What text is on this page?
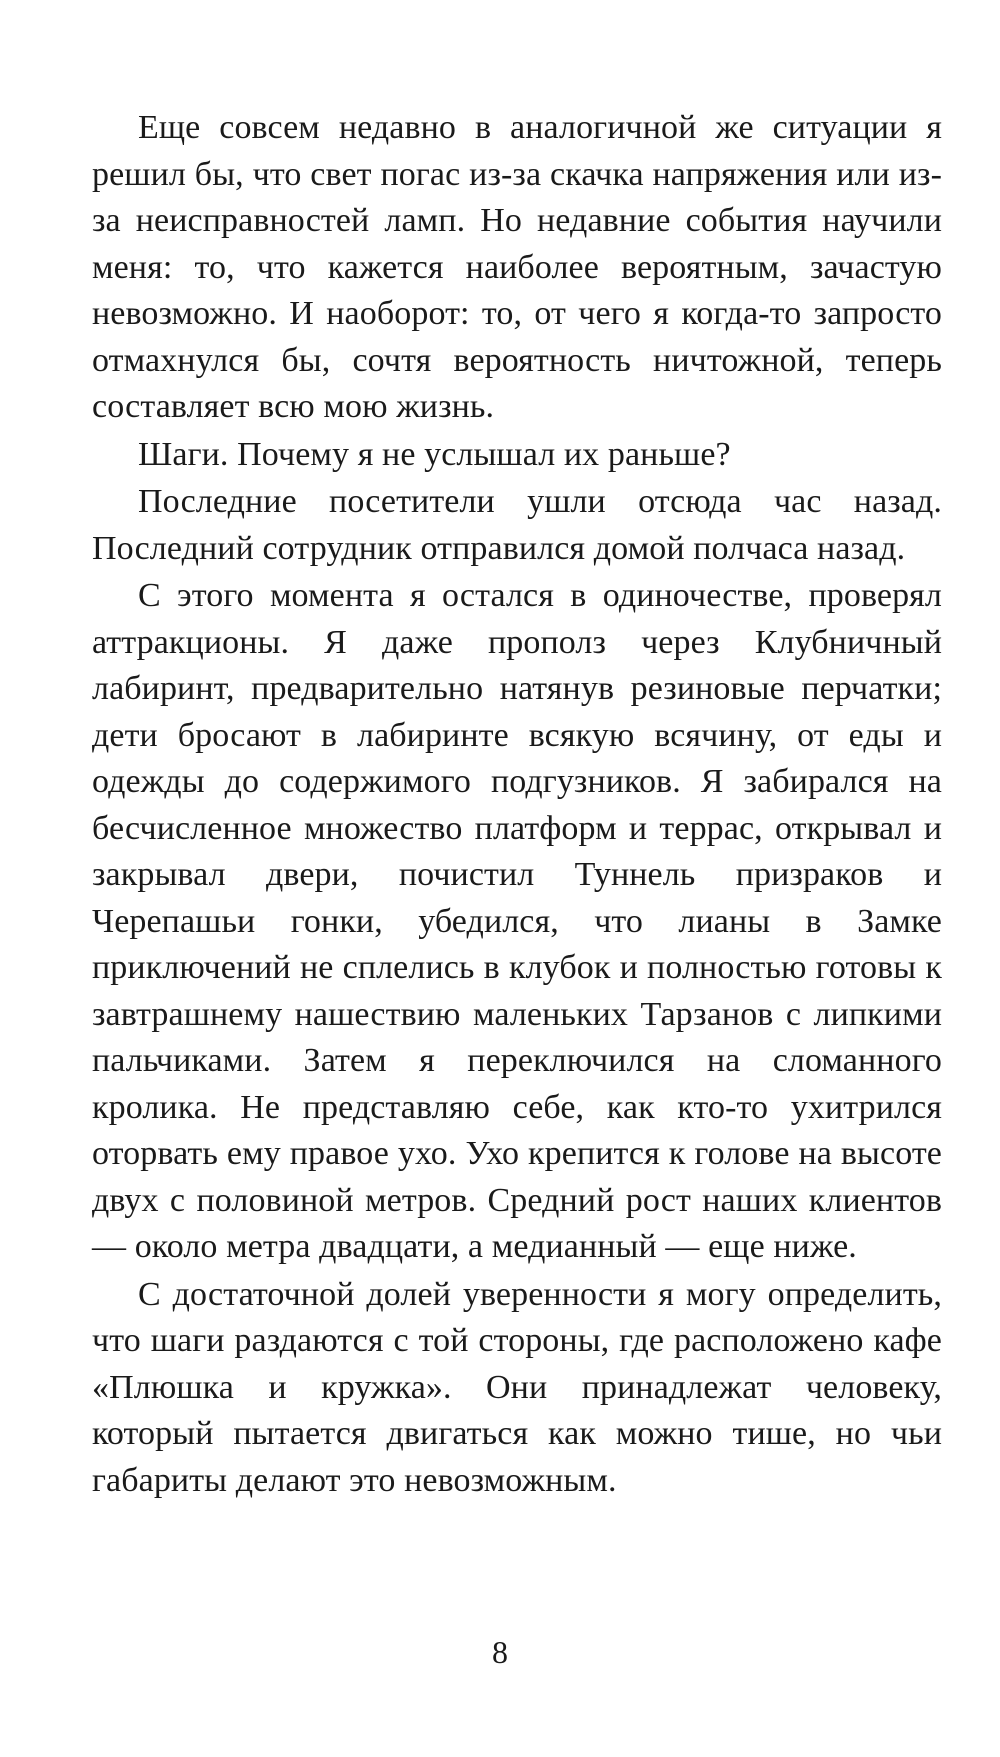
Еще совсем недавно в аналогичной же ситуации я решил бы, что свет погас из-за скачка напряжения или из-за неисправностей ламп. Но недавние события научили меня: то, что кажется наиболее вероятным, зачастую невозможно. И наоборот: то, от чего я когда-то запросто отмахнулся бы, сочтя вероятность ничтожной, теперь составляет всю мою жизнь.

Шаги. Почему я не услышал их раньше?

Последние посетители ушли отсюда час назад. Последний сотрудник отправился домой полчаса назад.

С этого момента я остался в одиночестве, проверял аттракционы. Я даже прополз через Клубничный лабиринт, предварительно натянув резиновые перчатки; дети бросают в лабиринте всякую всячину, от еды и одежды до содержимого подгузников. Я забирался на бесчисленное множество платформ и террас, открывал и закрывал двери, почистил Туннель призраков и Черепашьи гонки, убедился, что лианы в Замке приключений не сплелись в клубок и полностью готовы к завтрашнему нашествию маленьких Тарзанов с липкими пальчиками. Затем я переключился на сломанного кролика. Не представляю себе, как кто-то ухитрился оторвать ему правое ухо. Ухо крепится к голове на высоте двух с половиной метров. Средний рост наших клиентов — около метра двадцати, а медианный — еще ниже.

С достаточной долей уверенности я могу определить, что шаги раздаются с той стороны, где расположено кафе «Плюшка и кружка». Они принадлежат человеку, который пытается двигаться как можно тише, но чьи габариты делают это невозможным.

8
